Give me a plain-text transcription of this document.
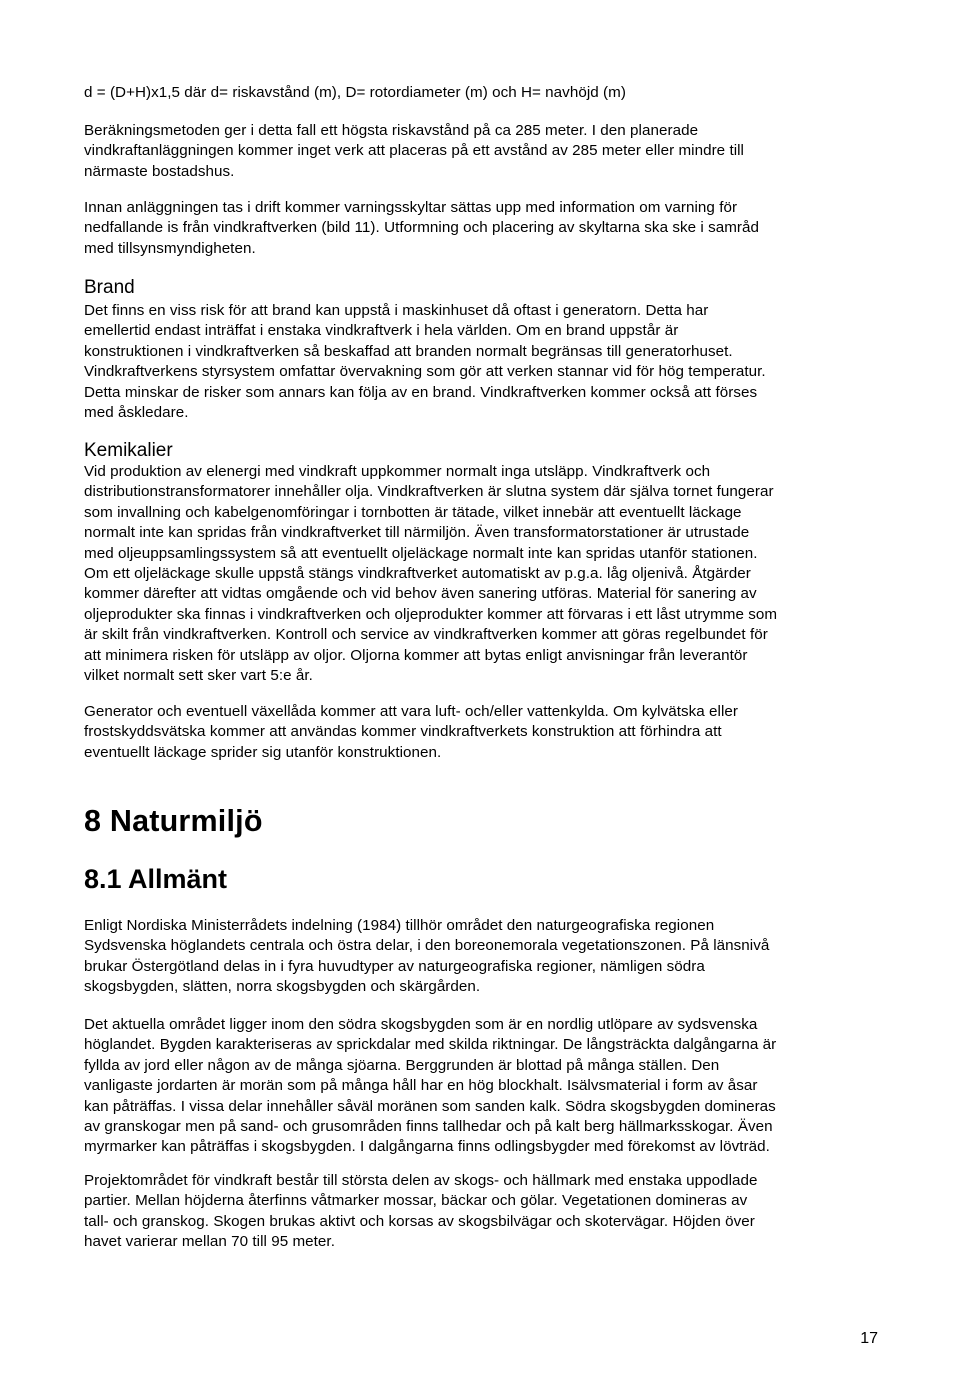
d = (D+H)x1,5 där d= riskavstånd (m), D= rotordiameter (m) och H= navhöjd (m)

Beräkningsmetoden ger i detta fall ett högsta riskavstånd på ca 285 meter. I den planerade
vindkraftanläggningen kommer inget verk att placeras på ett avstånd av 285 meter eller mindre till
närmaste bostadshus.

Innan anläggningen tas i drift kommer varningsskyltar sättas upp med information om varning för
nedfallande is från vindkraftverken (bild 11). Utformning och placering av skyltarna ska ske i samråd
med tillsynsmyndigheten.

Brand

Det finns en viss risk för att brand kan uppstå i maskinhuset då oftast i generatorn. Detta har
emellertid endast inträffat i enstaka vindkraftverk i hela världen. Om en brand uppstår är
konstruktionen i vindkraftverken så beskaffad att branden normalt begränsas till generatorhuset.
Vindkraftverkens styrsystem omfattar övervakning som gör att verken stannar vid för hög temperatur.
Detta minskar de risker som annars kan följa av en brand. Vindkraftverken kommer också att förses
med åskledare.

Kemikalier

Vid produktion av elenergi med vindkraft uppkommer normalt inga utsläpp. Vindkraftverk och
distributionstransformatorer innehåller olja. Vindkraftverken är slutna system där själva tornet fungerar
som invallning och kabelgenomföringar i tornbotten är tätade, vilket innebär att eventuellt läckage
normalt inte kan spridas från vindkraftverket till närmiljön. Även transformatorstationer är utrustade
med oljeuppsamlingssystem så att eventuellt oljeläckage normalt inte kan spridas utanför stationen.
Om ett oljeläckage skulle uppstå stängs vindkraftverket automatiskt av p.g.a. låg oljenivå. Åtgärder
kommer därefter att vidtas omgående och vid behov även sanering utföras. Material för sanering av
oljeprodukter ska finnas i vindkraftverken och oljeprodukter kommer att förvaras i ett låst utrymme som
är skilt från vindkraftverken. Kontroll och service av vindkraftverken kommer att göras regelbundet för
att minimera risken för utsläpp av oljor. Oljorna kommer att bytas enligt anvisningar från leverantör
vilket normalt sett sker vart 5:e år.

Generator och eventuell växellåda kommer att vara luft- och/eller vattenkylda. Om kylvätska eller
frostskyddsvätska kommer att användas kommer vindkraftverkets konstruktion att förhindra att
eventuellt läckage sprider sig utanför konstruktionen.

8 Naturmiljö
8.1 Allmänt

Enligt Nordiska Ministerrådets indelning (1984) tillhör området den naturgeografiska regionen
Sydsvenska höglandets centrala och östra delar, i den boreonemorala vegetationszonen. På länsnivå
brukar Östergötland delas in i fyra huvudtyper av naturgeografiska regioner, nämligen södra
skogsbygden, slätten, norra skogsbygden och skärgården.

Det aktuella området ligger inom den södra skogsbygden som är en nordlig utlöpare av sydsvenska
höglandet. Bygden karakteriseras av sprickdalar med skilda riktningar. De långsträckta dalgångarna är
fyllda av jord eller någon av de många sjöarna. Berggrunden är blottad på många ställen. Den
vanligaste jordarten är morän som på många håll har en hög blockhalt. Isälvsmaterial i form av åsar
kan påträffas. I vissa delar innehåller såväl moränen som sanden kalk. Södra skogsbygden domineras
av granskogar men på sand- och grusområden finns tallhedar och på kalt berg hällmarksskogar. Även
myrmarker kan påträffas i skogsbygden. I dalgångarna finns odlingsbygder med förekomst av lövträd.

Projektområdet för vindkraft består till största delen av skogs- och hällmark med enstaka uppodlade
partier. Mellan höjderna återfinns våtmarker mossar, bäckar och gölar. Vegetationen domineras av
tall- och granskog. Skogen brukas aktivt och korsas av skogsbilvägar och skotervägar. Höjden över
havet varierar mellan 70 till 95 meter.

17
